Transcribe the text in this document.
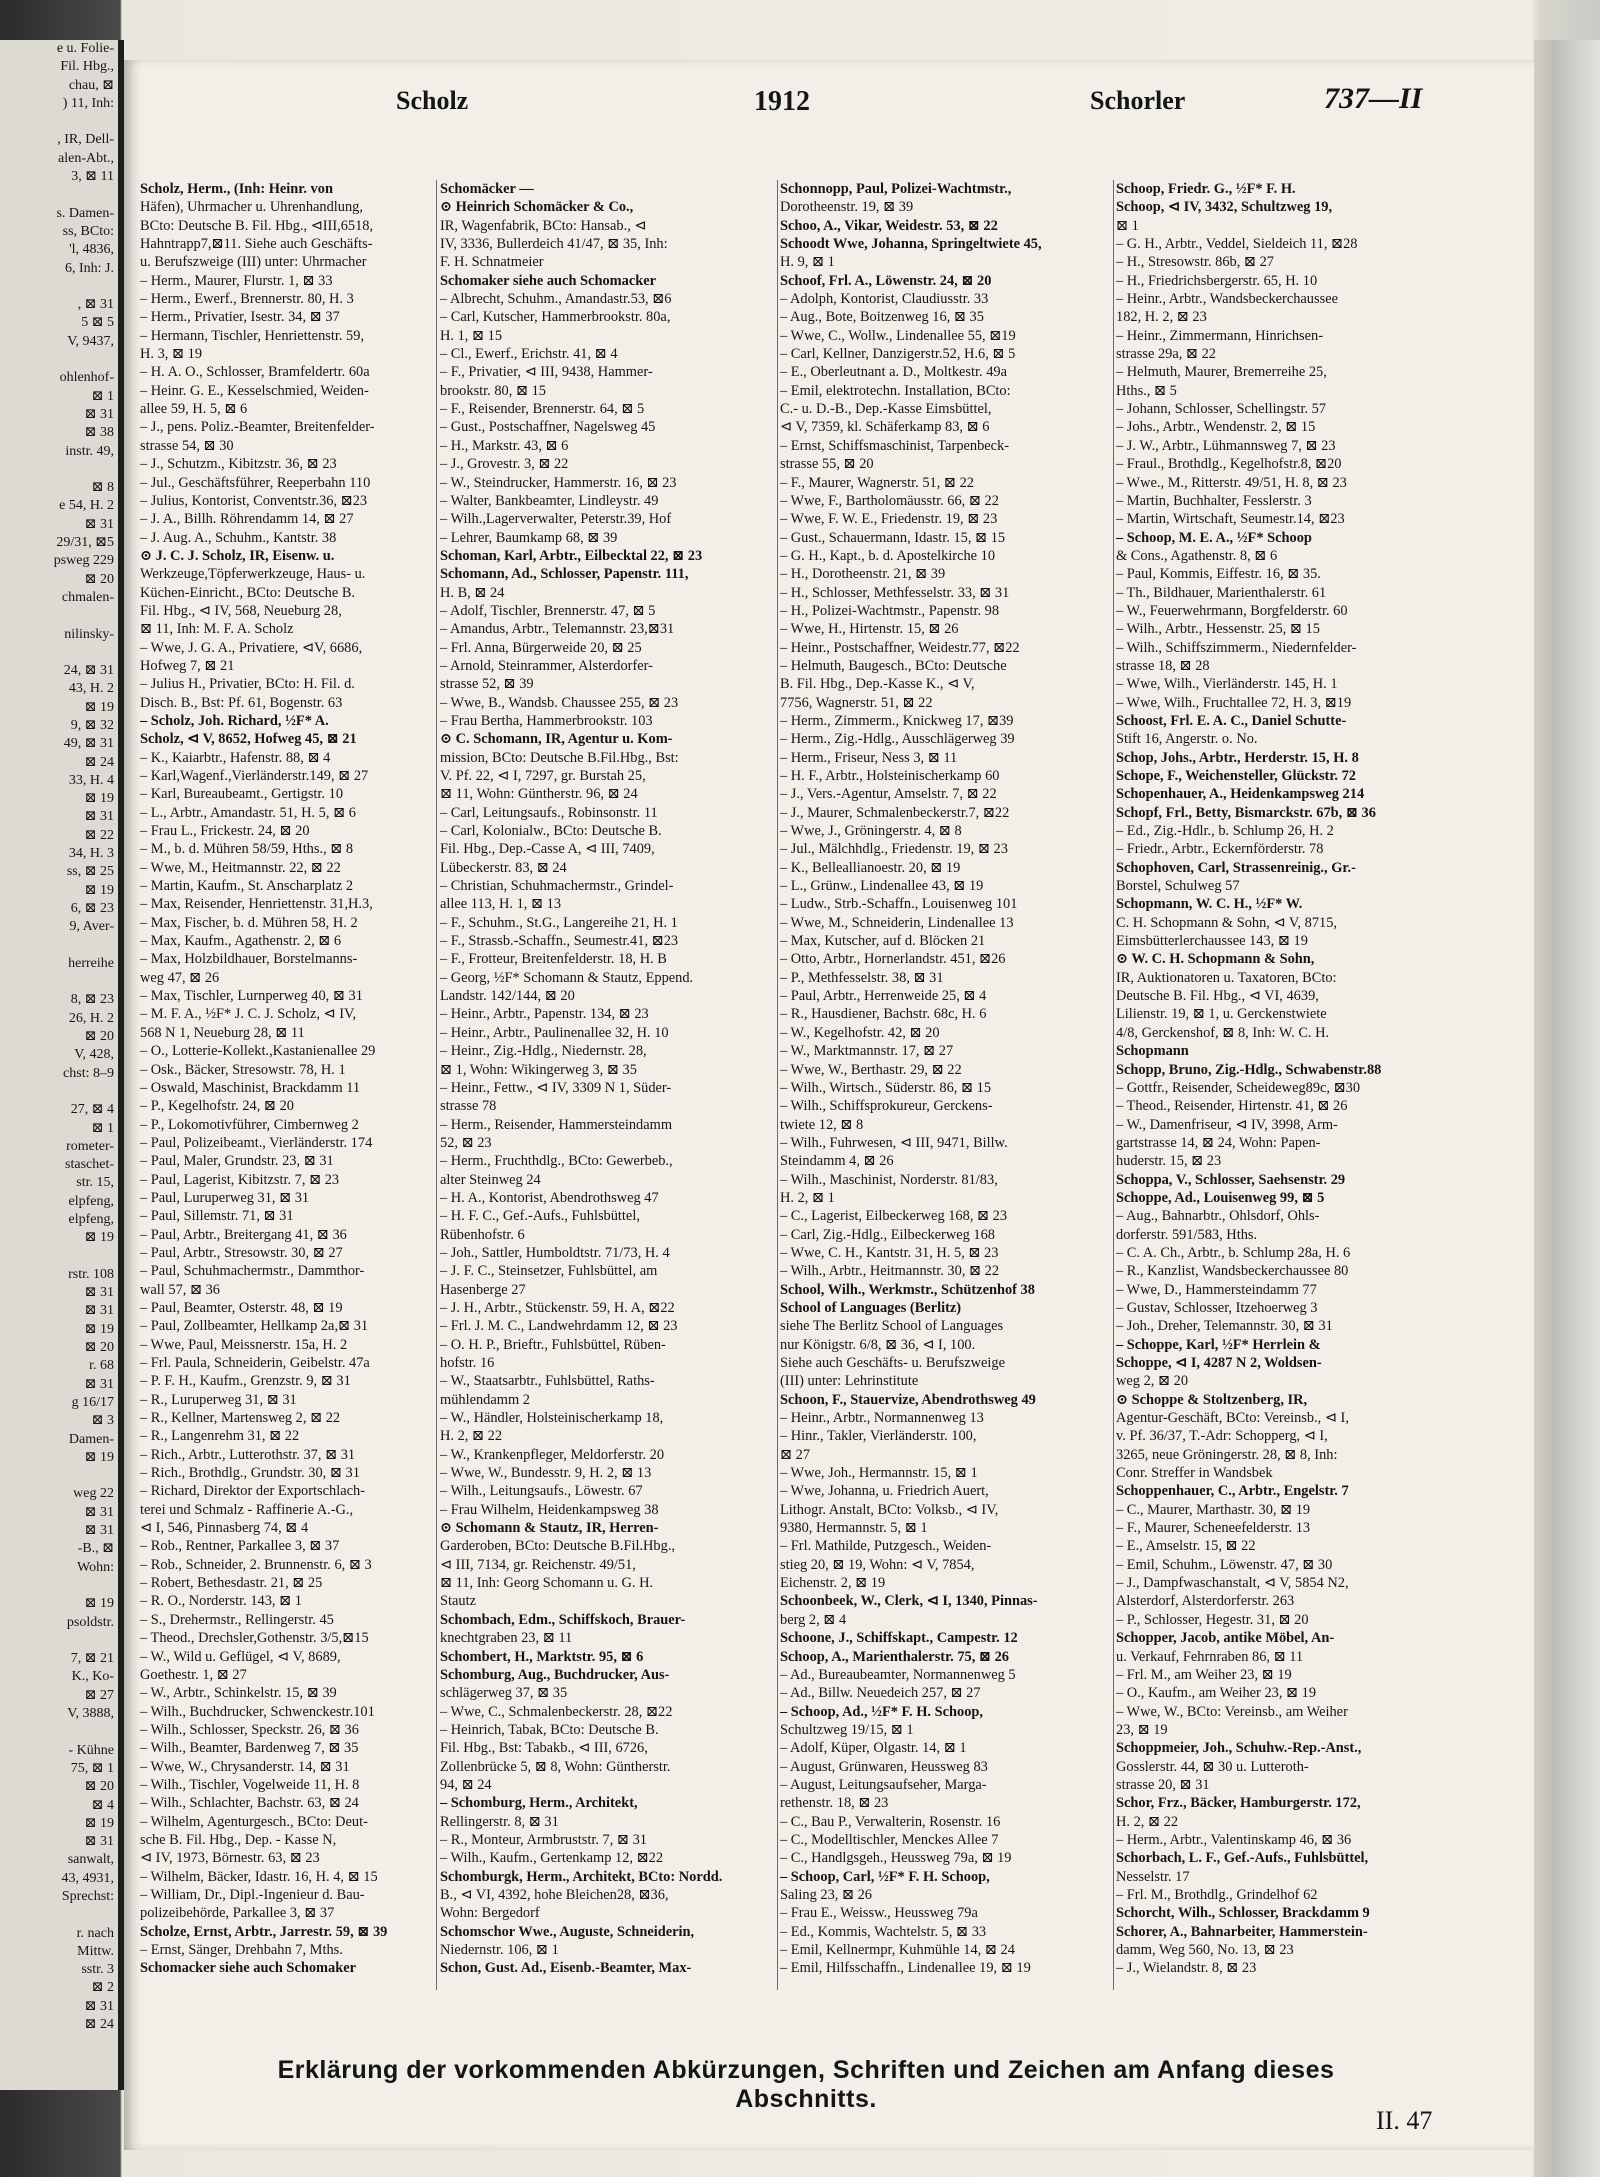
e u. Folie-
Fil. Hbg.,
chau, ⊠
) 11, Inh:

, IR, Dell-
alen-Abt.,
3, ⊠ 11

s. Damen-
ss, BCto:
'l, 4836,
6, Inh: J.

, ⊠ 31
5 ⊠ 5
V, 9437,

ohlenhof-
⊠ 1
⊠ 31
⊠ 38
instr. 49,

⊠ 8
e 54, H. 2
⊠ 31
29/31, ⊠5
psweg 229
⊠ 20
chmalen-

nilinsky-

24, ⊠ 31
43, H. 2
⊠ 19
9, ⊠ 32
49, ⊠ 31
⊠ 24
33, H. 4
⊠ 19
⊠ 31
⊠ 22
34, H. 3
ss, ⊠ 25
⊠ 19
6, ⊠ 23
9, Aver-

herreihe

8, ⊠ 23
26, H. 2
⊠ 20
V, 428,
chst: 8–9

27, ⊠ 4
⊠ 1
rometer-
staschet-
str. 15,
elpfeng,
elpfeng,
⊠ 19

rstr. 108
⊠ 31
⊠ 31
⊠ 19
⊠ 20
r. 68
⊠ 31
g 16/17
⊠ 3
Damen-
⊠ 19

weg 22
⊠ 31
⊠ 31
-B., ⊠
Wohn:

⊠ 19
psoldstr.

7, ⊠ 21
K., Ko-
⊠ 27
V, 3888,

- Kühne
75, ⊠ 1
⊠ 20
⊠ 4
⊠ 19
⊠ 31
sanwalt,
43, 4931,
Sprechst:

r. nach
Mittw.
sstr. 3
⊠ 2
⊠ 31
⊠ 24

Scholz	1912	Schorler	737—II
Scholz, Herm., (Inh: Heinr. von
Häfen), Uhrmacher u. Uhrenhandlung,
BCto: Deutsche B. Fil. Hbg., ⊲III,6518,
Hahntrapp7,⊠11. Siehe auch Geschäfts-
u. Berufszweige (III) unter: Uhrmacher
– Herm., Maurer, Flurstr. 1, ⊠ 33
– Herm., Ewerf., Brennerstr. 80, H. 3
– Herm., Privatier, Isestr. 34, ⊠ 37
– Hermann, Tischler, Henriettenstr. 59,
H. 3, ⊠ 19
– H. A. O., Schlosser, Bramfeldertr. 60a
– Heinr. G. E., Kesselschmied, Weiden-
allee 59, H. 5, ⊠ 6
– J., pens. Poliz.-Beamter, Breitenfelder-
strasse 54, ⊠ 30
– J., Schutzm., Kibitzstr. 36, ⊠ 23
– Jul., Geschäftsführer, Reeperbahn 110
– Julius, Kontorist, Conventstr.36, ⊠23
– J. A., Billh. Röhrendamm 14, ⊠ 27
– J. Aug. A., Schuhm., Kantstr. 38
⊙ J. C. J. Scholz, IR, Eisenw. u.
Werkzeuge,Töpferwerkzeuge, Haus- u.
Küchen-Einricht., BCto: Deutsche B.
Fil. Hbg., ⊲ IV, 568, Neueburg 28,
⊠ 11, Inh: M. F. A. Scholz
– Wwe, J. G. A., Privatiere, ⊲V, 6686,
Hofweg 7, ⊠ 21
– Julius H., Privatier, BCto: H. Fil. d.
Disch. B., Bst: Pf. 61, Bogenstr. 63
– Scholz, Joh. Richard, ½F* A.
Scholz, ⊲ V, 8652, Hofweg 45, ⊠ 21
– K., Kaiarbtr., Hafenstr. 88, ⊠ 4
– Karl,Wagenf.,Vierländerstr.149, ⊠ 27
– Karl, Bureaubeamt., Gertigstr. 10
– L., Arbtr., Amandastr. 51, H. 5, ⊠ 6
– Frau L., Frickestr. 24, ⊠ 20
– M., b. d. Mühren 58/59, Hths., ⊠ 8
– Wwe, M., Heitmannstr. 22, ⊠ 22
– Martin, Kaufm., St. Anscharplatz 2
– Max, Reisender, Henriettenstr. 31,H.3,
– Max, Fischer, b. d. Mühren 58, H. 2
– Max, Kaufm., Agathenstr. 2, ⊠ 6
– Max, Holzbildhauer, Borstelmanns-
weg 47, ⊠ 26
– Max, Tischler, Lurnperweg 40, ⊠ 31
– M. F. A., ½F* J. C. J. Scholz, ⊲ IV,
568 N 1, Neueburg 28, ⊠ 11
– O., Lotterie-Kollekt.,Kastanienallee 29
– Osk., Bäcker, Stresowstr. 78, H. 1
– Oswald, Maschinist, Brackdamm 11
– P., Kegelhofstr. 24, ⊠ 20
– P., Lokomotivführer, Cimbernweg 2
– Paul, Polizeibeamt., Vierländerstr. 174
– Paul, Maler, Grundstr. 23, ⊠ 31
– Paul, Lagerist, Kibitzstr. 7, ⊠ 23
– Paul, Luruperweg 31, ⊠ 31
– Paul, Sillemstr. 71, ⊠ 31
– Paul, Arbtr., Breitergang 41, ⊠ 36
– Paul, Arbtr., Stresowstr. 30, ⊠ 27
– Paul, Schuhmachermstr., Dammthor-
wall 57, ⊠ 36
– Paul, Beamter, Osterstr. 48, ⊠ 19
– Paul, Zollbeamter, Hellkamp 2a,⊠ 31
– Wwe, Paul, Meissnerstr. 15a, H. 2
– Frl. Paula, Schneiderin, Geibelstr. 47a
– P. F. H., Kaufm., Grenzstr. 9, ⊠ 31
– R., Luruperweg 31, ⊠ 31
– R., Kellner, Martensweg 2, ⊠ 22
– R., Langenrehm 31, ⊠ 22
– Rich., Arbtr., Lutterothstr. 37, ⊠ 31
– Rich., Brothdlg., Grundstr. 30, ⊠ 31
– Richard, Direktor der Exportschlach-
terei und Schmalz - Raffinerie A.-G.,
⊲ I, 546, Pinnasberg 74, ⊠ 4
– Rob., Rentner, Parkallee 3, ⊠ 37
– Rob., Schneider, 2. Brunnenstr. 6, ⊠ 3
– Robert, Bethesdastr. 21, ⊠ 25
– R. O., Norderstr. 143, ⊠ 1
– S., Drehermstr., Rellingerstr. 45
– Theod., Drechsler,Gothenstr. 3/5,⊠15
– W., Wild u. Geflügel, ⊲ V, 8689,
Goethestr. 1, ⊠ 27
– W., Arbtr., Schinkelstr. 15, ⊠ 39
– Wilh., Buchdrucker, Schwenckestr.101
– Wilh., Schlosser, Speckstr. 26, ⊠ 36
– Wilh., Beamter, Bardenweg 7, ⊠ 35
– Wwe, W., Chrysanderstr. 14, ⊠ 31
– Wilh., Tischler, Vogelweide 11, H. 8
– Wilh., Schlachter, Bachstr. 63, ⊠ 24
– Wilhelm, Agenturgesch., BCto: Deut-
sche B. Fil. Hbg., Dep. - Kasse N,
⊲ IV, 1973, Börnestr. 63, ⊠ 23
– Wilhelm, Bäcker, Idastr. 16, H. 4, ⊠ 15
– William, Dr., Dipl.-Ingenieur d. Bau-
polizeibehörde, Parkallee 3, ⊠ 37
Scholze, Ernst, Arbtr., Jarrestr. 59, ⊠ 39
– Ernst, Sänger, Drehbahn 7, Mths.
Schomacker siehe auch Schomaker
Schomäcker —
⊙ Heinrich Schomäcker & Co.,
IR, Wagenfabrik, BCto: Hansab., ⊲
IV, 3336, Bullerdeich 41/47, ⊠ 35, Inh:
F. H. Schnatmeier
Schomaker siehe auch Schomacker
– Albrecht, Schuhm., Amandastr.53, ⊠6
– Carl, Kutscher, Hammerbrookstr. 80a,
H. 1, ⊠ 15
– Cl., Ewerf., Erichstr. 41, ⊠ 4
– F., Privatier, ⊲ III, 9438, Hammer-
brookstr. 80, ⊠ 15
– F., Reisender, Brennerstr. 64, ⊠ 5
– Gust., Postschaffner, Nagelsweg 45
– H., Markstr. 43, ⊠ 6
– J., Grovestr. 3, ⊠ 22
– W., Steindrucker, Hammerstr. 16, ⊠ 23
– Walter, Bankbeamter, Lindleystr. 49
– Wilh.,Lagerverwalter, Peterstr.39, Hof
– Lehrer, Baumkamp 68, ⊠ 39
Schoman, Karl, Arbtr., Eilbecktal 22, ⊠ 23
Schomann, Ad., Schlosser, Papenstr. 111,
H. B, ⊠ 24
– Adolf, Tischler, Brennerstr. 47, ⊠ 5
– Amandus, Arbtr., Telemannstr. 23,⊠31
– Frl. Anna, Bürgerweide 20, ⊠ 25
– Arnold, Steinrammer, Alsterdorfer-
strasse 52, ⊠ 39
– Wwe, B., Wandsb. Chaussee 255, ⊠ 23
– Frau Bertha, Hammerbrookstr. 103
⊙ C. Schomann, IR, Agentur u. Kom-
mission, BCto: Deutsche B.Fil.Hbg., Bst:
V. Pf. 22, ⊲ I, 7297, gr. Burstah 25,
⊠ 11, Wohn: Güntherstr. 96, ⊠ 24
– Carl, Leitungsaufs., Robinsonstr. 11
– Carl, Kolonialw., BCto: Deutsche B.
Fil. Hbg., Dep.-Casse A, ⊲ III, 7409,
Lübeckerstr. 83, ⊠ 24
– Christian, Schuhmachermstr., Grindel-
allee 113, H. 1, ⊠ 13
– F., Schuhm., St.G., Langereihe 21, H. 1
– F., Strassb.-Schaffn., Seumestr.41, ⊠23
– F., Frotteur, Breitenfelderstr. 18, H. B
– Georg, ½F* Schomann & Stautz, Eppend.
Landstr. 142/144, ⊠ 20
– Heinr., Arbtr., Papenstr. 134, ⊠ 23
– Heinr., Arbtr., Paulinenallee 32, H. 10
– Heinr., Zig.-Hdlg., Niedernstr. 28,
⊠ 1, Wohn: Wikingerweg 3, ⊠ 35
– Heinr., Fettw., ⊲ IV, 3309 N 1, Süder-
strasse 78
– Herm., Reisender, Hammersteindamm
52, ⊠ 23
– Herm., Fruchthdlg., BCto: Gewerbeb.,
alter Steinweg 24
– H. A., Kontorist, Abendrothsweg 47
– H. F. C., Gef.-Aufs., Fuhlsbüttel,
Rübenhofstr. 6
– Joh., Sattler, Humboldtstr. 71/73, H. 4
– J. F. C., Steinsetzer, Fuhlsbüttel, am
Hasenberge 27
– J. H., Arbtr., Stückenstr. 59, H. A, ⊠22
– Frl. J. M. C., Landwehrdamm 12, ⊠ 23
– O. H. P., Brieftr., Fuhlsbüttel, Rüben-
hofstr. 16
– W., Staatsarbtr., Fuhlsbüttel, Raths-
mühlendamm 2
– W., Händler, Holsteinischerkamp 18,
H. 2, ⊠ 22
– W., Krankenpfleger, Meldorferstr. 20
– Wwe, W., Bundesstr. 9, H. 2, ⊠ 13
– Wilh., Leitungsaufs., Löwestr. 67
– Frau Wilhelm, Heidenkampsweg 38
⊙ Schomann & Stautz, IR, Herren-
Garderoben, BCto: Deutsche B.Fil.Hbg.,
⊲ III, 7134, gr. Reichenstr. 49/51,
⊠ 11, Inh: Georg Schomann u. G. H.
Stautz
Schombach, Edm., Schiffskoch, Brauer-
knechtgraben 23, ⊠ 11
Schombert, H., Marktstr. 95, ⊠ 6
Schomburg, Aug., Buchdrucker, Aus-
schlägerweg 37, ⊠ 35
– Wwe, C., Schmalenbeckerstr. 28, ⊠22
– Heinrich, Tabak, BCto: Deutsche B.
Fil. Hbg., Bst: Tabakb., ⊲ III, 6726,
Zollenbrücke 5, ⊠ 8, Wohn: Güntherstr.
94, ⊠ 24
– Schomburg, Herm., Architekt,
Rellingerstr. 8, ⊠ 31
– R., Monteur, Armbruststr. 7, ⊠ 31
– Wilh., Kaufm., Gertenkamp 12, ⊠22
Schomburgk, Herm., Architekt, BCto: Nordd.
B., ⊲ VI, 4392, hohe Bleichen28, ⊠36,
Wohn: Bergedorf
Schomschor Wwe., Auguste, Schneiderin,
Niedernstr. 106, ⊠ 1
Schon, Gust. Ad., Eisenb.-Beamter, Max-
Schonnopp, Paul, Polizei-Wachtmstr.,
Dorotheenstr. 19, ⊠ 39
Schoo, A., Vikar, Weidestr. 53, ⊠ 22
Schoodt Wwe, Johanna, Springeltwiete 45,
H. 9, ⊠ 1
Schoof, Frl. A., Löwenstr. 24, ⊠ 20
– Adolph, Kontorist, Claudiusstr. 33
– Aug., Bote, Boitzenweg 16, ⊠ 35
– Wwe, C., Wollw., Lindenallee 55, ⊠19
– Carl, Kellner, Danzigerstr.52, H.6, ⊠ 5
– E., Oberleutnant a. D., Moltkestr. 49a
– Emil, elektrotechn. Installation, BCto:
C.- u. D.-B., Dep.-Kasse Eimsbüttel,
⊲ V, 7359, kl. Schäferkamp 83, ⊠ 6
– Ernst, Schiffsmaschinist, Tarpenbeck-
strasse 55, ⊠ 20
– F., Maurer, Wagnerstr. 51, ⊠ 22
– Wwe, F., Bartholomäusstr. 66, ⊠ 22
– Wwe, F. W. E., Friedenstr. 19, ⊠ 23
– Gust., Schauermann, Idastr. 15, ⊠ 15
– G. H., Kapt., b. d. Apostelkirche 10
– H., Dorotheenstr. 21, ⊠ 39
– H., Schlosser, Methfesselstr. 33, ⊠ 31
– H., Polizei-Wachtmstr., Papenstr. 98
– Wwe, H., Hirtenstr. 15, ⊠ 26
– Heinr., Postschaffner, Weidestr.77, ⊠22
– Helmuth, Baugesch., BCto: Deutsche
B. Fil. Hbg., Dep.-Kasse K., ⊲ V,
7756, Wagnerstr. 51, ⊠ 22
– Herm., Zimmerm., Knickweg 17, ⊠39
– Herm., Zig.-Hdlg., Ausschlägerweg 39
– Herm., Friseur, Ness 3, ⊠ 11
– H. F., Arbtr., Holsteinischerkamp 60
– J., Vers.-Agentur, Amselstr. 7, ⊠ 22
– J., Maurer, Schmalenbeckerstr.7, ⊠22
– Wwe, J., Gröningerstr. 4, ⊠ 8
– Jul., Mälchhdlg., Friedenstr. 19, ⊠ 23
– K., Belleallianoestr. 20, ⊠ 19
– L., Grünw., Lindenallee 43, ⊠ 19
– Ludw., Strb.-Schaffn., Louisenweg 101
– Wwe, M., Schneiderin, Lindenallee 13
– Max, Kutscher, auf d. Blöcken 21
– Otto, Arbtr., Hornerlandstr. 451, ⊠26
– P., Methfesselstr. 38, ⊠ 31
– Paul, Arbtr., Herrenweide 25, ⊠ 4
– R., Hausdiener, Bachstr. 68c, H. 6
– W., Kegelhofstr. 42, ⊠ 20
– W., Marktmannstr. 17, ⊠ 27
– Wwe, W., Berthastr. 29, ⊠ 22
– Wilh., Wirtsch., Süderstr. 86, ⊠ 15
– Wilh., Schiffsprokureur, Gerckens-
twiete 12, ⊠ 8
– Wilh., Fuhrwesen, ⊲ III, 9471, Billw.
Steindamm 4, ⊠ 26
– Wilh., Maschinist, Norderstr. 81/83,
H. 2, ⊠ 1
– C., Lagerist, Eilbeckerweg 168, ⊠ 23
– Carl, Zig.-Hdlg., Eilbeckerweg 168
– Wwe, C. H., Kantstr. 31, H. 5, ⊠ 23
– Wilh., Arbtr., Heitmannstr. 30, ⊠ 22
School, Wilh., Werkmstr., Schützenhof 38
School of Languages (Berlitz)
siehe The Berlitz School of Languages
nur Königstr. 6/8, ⊠ 36, ⊲ I, 100.
Siehe auch Geschäfts- u. Berufszweige
(III) unter: Lehrinstitute
Schoon, F., Stauervize, Abendrothsweg 49
– Heinr., Arbtr., Normannenweg 13
– Hinr., Takler, Vierländerstr. 100,
⊠ 27
– Wwe, Joh., Hermannstr. 15, ⊠ 1
– Wwe, Johanna, u. Friedrich Auert,
Lithogr. Anstalt, BCto: Volksb., ⊲ IV,
9380, Hermannstr. 5, ⊠ 1
– Frl. Mathilde, Putzgesch., Weiden-
stieg 20, ⊠ 19, Wohn: ⊲ V, 7854,
Eichenstr. 2, ⊠ 19
Schoonbeek, W., Clerk, ⊲ I, 1340, Pinnas-
berg 2, ⊠ 4
Schoone, J., Schiffskapt., Campestr. 12
Schoop, A., Marienthalerstr. 75, ⊠ 26
– Ad., Bureaubeamter, Normannenweg 5
– Ad., Billw. Neuedeich 257, ⊠ 27
– Schoop, Ad., ½F* F. H. Schoop,
Schultzweg 19/15, ⊠ 1
– Adolf, Küper, Olgastr. 14, ⊠ 1
– August, Grünwaren, Heussweg 83
– August, Leitungsaufseher, Marga-
rethenstr. 18, ⊠ 23
– C., Bau P., Verwalterin, Rosenstr. 16
– C., Modelltischler, Menckes Allee 7
– C., Handlgsgeh., Heussweg 79a, ⊠ 19
– Schoop, Carl, ½F* F. H. Schoop,
Saling 23, ⊠ 26
– Frau E., Weissw., Heussweg 79a
– Ed., Kommis, Wachtelstr. 5, ⊠ 33
– Emil, Kellnermpr, Kuhmühle 14, ⊠ 24
– Emil, Hilfsschaffn., Lindenallee 19, ⊠ 19
Schoop, Friedr. G., ½F* F. H.
Schoop, ⊲ IV, 3432, Schultzweg 19,
⊠ 1
– G. H., Arbtr., Veddel, Sieldeich 11, ⊠28
– H., Stresowstr. 86b, ⊠ 27
– H., Friedrichsbergerstr. 65, H. 10
– Heinr., Arbtr., Wandsbeckerchaussee
182, H. 2, ⊠ 23
– Heinr., Zimmermann, Hinrichsen-
strasse 29a, ⊠ 22
– Helmuth, Maurer, Bremerreihe 25,
Hths., ⊠ 5
– Johann, Schlosser, Schellingstr. 57
– Johs., Arbtr., Wendenstr. 2, ⊠ 15
– J. W., Arbtr., Lühmannsweg 7, ⊠ 23
– Fraul., Brothdlg., Kegelhofstr.8, ⊠20
– Wwe., M., Ritterstr. 49/51, H. 8, ⊠ 23
– Martin, Buchhalter, Fesslerstr. 3
– Martin, Wirtschaft, Seumestr.14, ⊠23
– Schoop, M. E. A., ½F* Schoop
& Cons., Agathenstr. 8, ⊠ 6
– Paul, Kommis, Eiffestr. 16, ⊠ 35.
– Th., Bildhauer, Marienthalerstr. 61
– W., Feuerwehrmann, Borgfelderstr. 60
– Wilh., Arbtr., Hessenstr. 25, ⊠ 15
– Wilh., Schiffszimmerm., Niedernfelder-
strasse 18, ⊠ 28
– Wwe, Wilh., Vierländerstr. 145, H. 1
– Wwe, Wilh., Fruchtallee 72, H. 3, ⊠19
Schoost, Frl. E. A. C., Daniel Schutte-
Stift 16, Angerstr. o. No.
Schop, Johs., Arbtr., Herderstr. 15, H. 8
Schope, F., Weichensteller, Glückstr. 72
Schopenhauer, A., Heidenkampsweg 214
Schopf, Frl., Betty, Bismarckstr. 67b, ⊠ 36
– Ed., Zig.-Hdlr., b. Schlump 26, H. 2
– Friedr., Arbtr., Eckernförderstr. 78
Schophoven, Carl, Strassenreinig., Gr.-
Borstel, Schulweg 57
Schopmann, W. C. H., ½F* W.
C. H. Schopmann & Sohn, ⊲ V, 8715,
Eimsbütterlerchaussee 143, ⊠ 19
⊙ W. C. H. Schopmann & Sohn,
IR, Auktionatoren u. Taxatoren, BCto:
Deutsche B. Fil. Hbg., ⊲ VI, 4639,
Lilienstr. 19, ⊠ 1, u. Gerckenstwiete
4/8, Gerckenshof, ⊠ 8, Inh: W. C. H.
Schopmann
Schopp, Bruno, Zig.-Hdlg., Schwabenstr.88
– Gottfr., Reisender, Scheideweg89c, ⊠30
– Theod., Reisender, Hirtenstr. 41, ⊠ 26
– W., Damenfriseur, ⊲ IV, 3998, Arm-
gartstrasse 14, ⊠ 24, Wohn: Papen-
huderstr. 15, ⊠ 23
Schoppa, V., Schlosser, Saehsenstr. 29
Schoppe, Ad., Louisenweg 99, ⊠ 5
– Aug., Bahnarbtr., Ohlsdorf, Ohls-
dorferstr. 591/583, Hths.
– C. A. Ch., Arbtr., b. Schlump 28a, H. 6
– R., Kanzlist, Wandsbeckerchaussee 80
– Wwe, D., Hammersteindamm 77
– Gustav, Schlosser, Itzehoerweg 3
– Joh., Dreher, Telemannstr. 30, ⊠ 31
– Schoppe, Karl, ½F* Herrlein &
Schoppe, ⊲ I, 4287 N 2, Woldsen-
weg 2, ⊠ 20
⊙ Schoppe & Stoltzenberg, IR,
Agentur-Geschäft, BCto: Vereinsb., ⊲ I,
v. Pf. 36/37, T.-Adr: Schopperg, ⊲ I,
3265, neue Gröningerstr. 28, ⊠ 8, Inh:
Conr. Streffer in Wandsbek
Schoppenhauer, C., Arbtr., Engelstr. 7
– C., Maurer, Marthastr. 30, ⊠ 19
– F., Maurer, Scheneefelderstr. 13
– E., Amselstr. 15, ⊠ 22
– Emil, Schuhm., Löwenstr. 47, ⊠ 30
– J., Dampfwaschanstalt, ⊲ V, 5854 N2,
Alsterdorf, Alsterdorferstr. 263
– P., Schlosser, Hegestr. 31, ⊠ 20
Schopper, Jacob, antike Möbel, An-
u. Verkauf, Fehrnraben 86, ⊠ 11
– Frl. M., am Weiher 23, ⊠ 19
– O., Kaufm., am Weiher 23, ⊠ 19
– Wwe, W., BCto: Vereinsb., am Weiher
23, ⊠ 19
Schoppmeier, Joh., Schuhw.-Rep.-Anst.,
Gosslerstr. 44, ⊠ 30 u. Lutteroth-
strasse 20, ⊠ 31
Schor, Frz., Bäcker, Hamburgerstr. 172,
H. 2, ⊠ 22
– Herm., Arbtr., Valentinskamp 46, ⊠ 36
Schorbach, L. F., Gef.-Aufs., Fuhlsbüttel,
Nesselstr. 17
– Frl. M., Brothdlg., Grindelhof 62
Schorcht, Wilh., Schlosser, Brackdamm 9
Schorer, A., Bahnarbeiter, Hammerstein-
damm, Weg 560, No. 13, ⊠ 23
– J., Wielandstr. 8, ⊠ 23
Erklärung der vorkommenden Abkürzungen, Schriften und Zeichen am Anfang dieses Abschnitts.
II. 47
